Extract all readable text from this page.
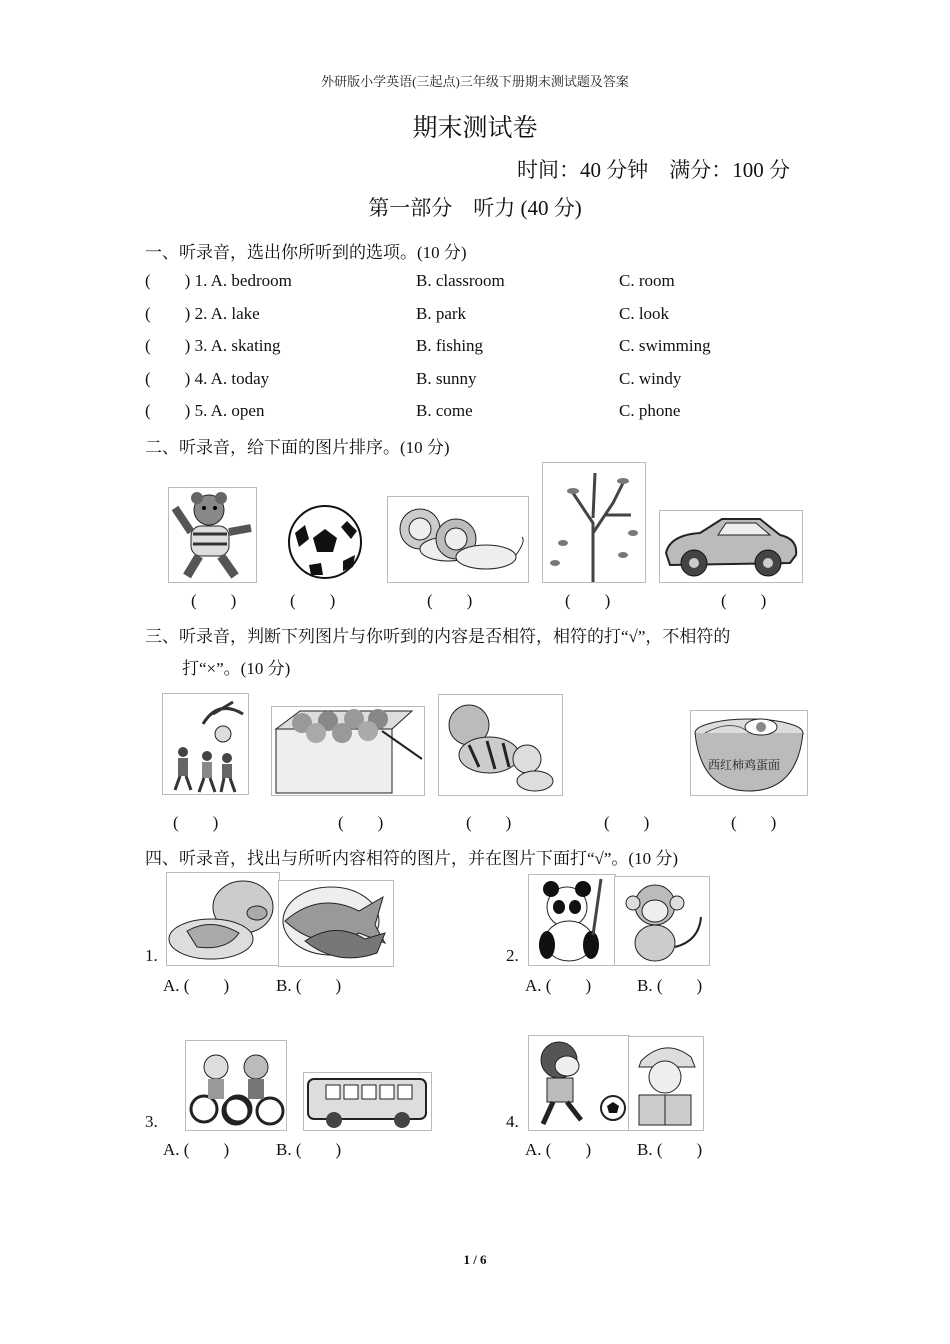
外研版小学英语(三起点)三年级下册期末测试题及答案
期末测试卷
时间：40 分钟    满分：100 分
第一部分    听力 (40 分)
一、听录音，选出你所听到的选项。(10 分)
(        ) 1. A. bedroom	B. classroom	C. room
(        ) 2. A. lake	B. park	C. look
(        ) 3. A. skating	B. fishing	C. swimming
(        ) 4. A. today	B. sunny	C. windy
(        ) 5. A. open	B. come	C. phone
二、听录音，给下面的图片排序。(10 分)
(        )	(        )	(        )	(        )	(        )
三、听录音，判断下列图片与你听到的内容是否相符，相符的打“√”，不相符的
打“×”。(10 分)
西红柿鸡蛋面
(        )	(        )	(        )	(        )	(        )
四、听录音，找出与所听内容相符的图片，并在图片下面打“√”。(10 分)
1.
A. (        )	B. (        )
2.
A. (        )	B. (        )
3.
A. (        )	B. (        )
4.
A. (        )	B. (        )
1 / 6
